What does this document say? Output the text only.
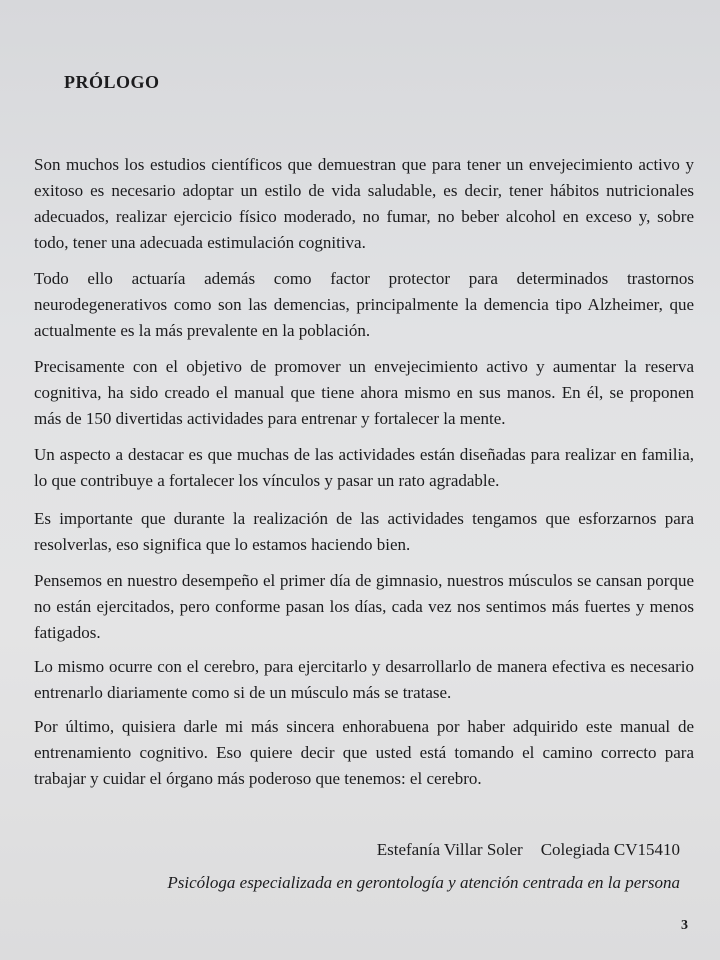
PRÓLOGO

Son muchos los estudios científicos que demuestran que para tener un envejecimiento activo y exitoso es necesario adoptar un estilo de vida saludable, es decir, tener hábitos nutricionales adecuados, realizar ejercicio físico moderado, no fumar, no beber alcohol en exceso y, sobre todo, tener una adecuada estimulación cognitiva.

Todo ello actuaría además como factor protector para determinados trastornos neurodegenerativos como son las demencias, principalmente la demencia tipo Alzheimer, que actualmente es la más prevalente en la población.

Precisamente con el objetivo de promover un envejecimiento activo y aumentar la reserva cognitiva, ha sido creado el manual que tiene ahora mismo en sus manos. En él, se proponen más de 150 divertidas actividades para entrenar y fortalecer la mente.

Un aspecto a destacar es que muchas de las actividades están diseñadas para realizar en familia, lo que contribuye a fortalecer los vínculos y pasar un rato agradable.

Es importante que durante la realización de las actividades tengamos que esforzarnos para resolverlas, eso significa que lo estamos haciendo bien.

Pensemos en nuestro desempeño el primer día de gimnasio, nuestros músculos se cansan porque no están ejercitados, pero conforme pasan los días, cada vez nos sentimos más fuertes y menos fatigados.

Lo mismo ocurre con el cerebro, para ejercitarlo y desarrollarlo de manera efectiva es necesario entrenarlo diariamente como si de un músculo más se tratase.

Por último, quisiera darle mi más sincera enhorabuena por haber adquirido este manual de entrenamiento cognitivo. Eso quiere decir que usted está tomando el camino correcto para trabajar y cuidar el órgano más poderoso que tenemos: el cerebro.

Estefanía Villar Soler Colegiada CV15410
Psicóloga especializada en gerontología y atención centrada en la persona
3
